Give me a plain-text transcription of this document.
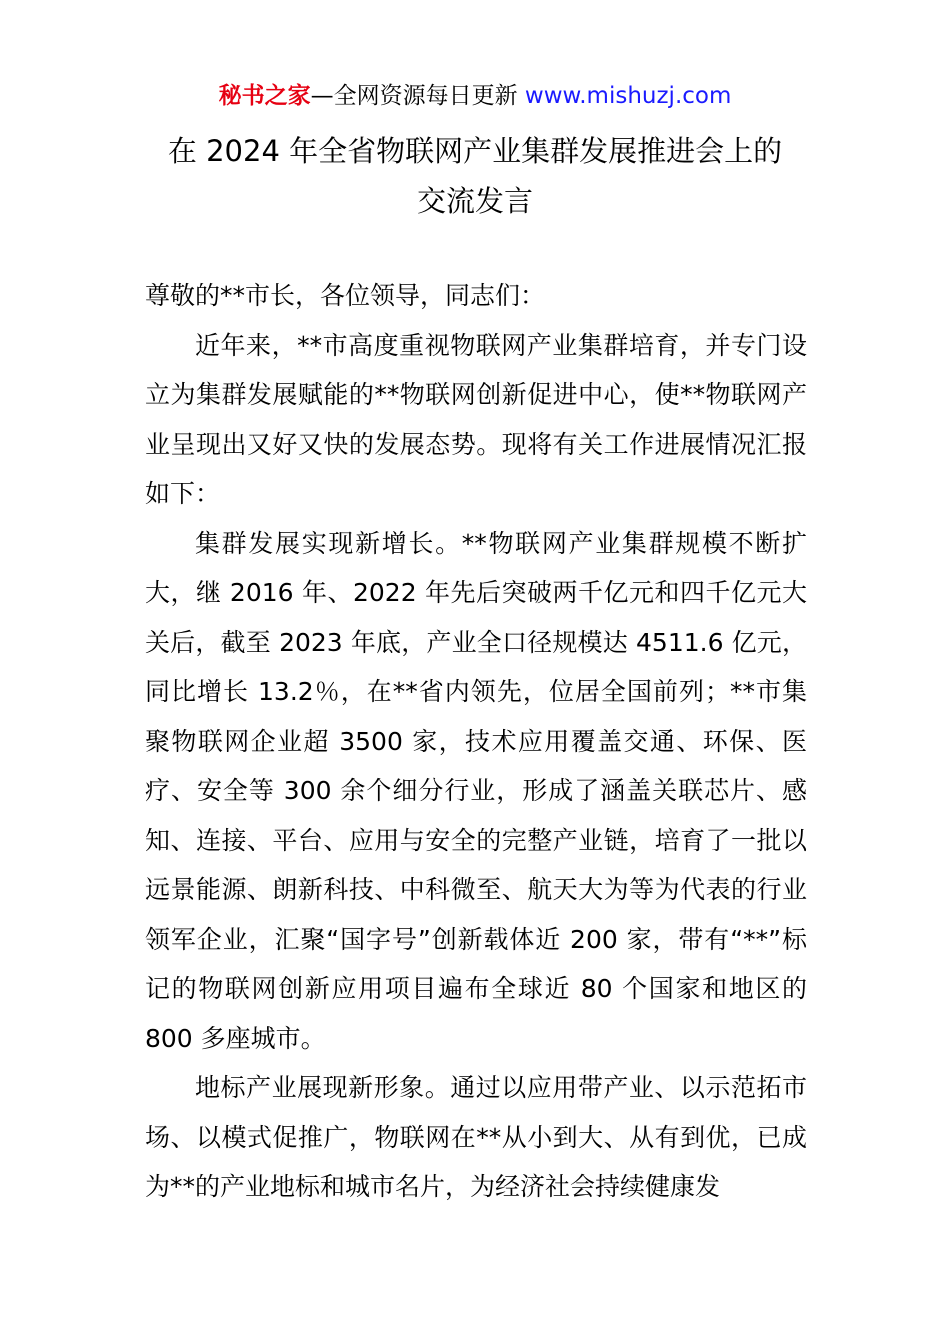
秘书之家—全网资源每日更新 www.mishuzj.com
在 2024 年全省物联网产业集群发展推进会上的
交流发言

尊敬的**市长，各位领导，同志们：

近年来，**市高度重视物联网产业集群培育，并专门设立为集群发展赋能的**物联网创新促进中心，使**物联网产业呈现出又好又快的发展态势。现将有关工作进展情况汇报如下：

集群发展实现新增长。**物联网产业集群规模不断扩大，继 2016 年、2022 年先后突破两千亿元和四千亿元大关后，截至 2023 年底，产业全口径规模达 4511.6 亿元，同比增长 13.2％，在**省内领先，位居全国前列；**市集聚物联网企业超 3500 家，技术应用覆盖交通、环保、医疗、安全等 300 余个细分行业，形成了涵盖关联芯片、感知、连接、平台、应用与安全的完整产业链，培育了一批以远景能源、朗新科技、中科微至、航天大为等为代表的行业领军企业，汇聚“国字号”创新载体近 200 家，带有“**”标记的物联网创新应用项目遍布全球近 80 个国家和地区的 800 多座城市。

地标产业展现新形象。通过以应用带产业、以示范拓市场、以模式促推广，物联网在**从小到大、从有到优，已成为**的产业地标和城市名片，为经济社会持续健康发
